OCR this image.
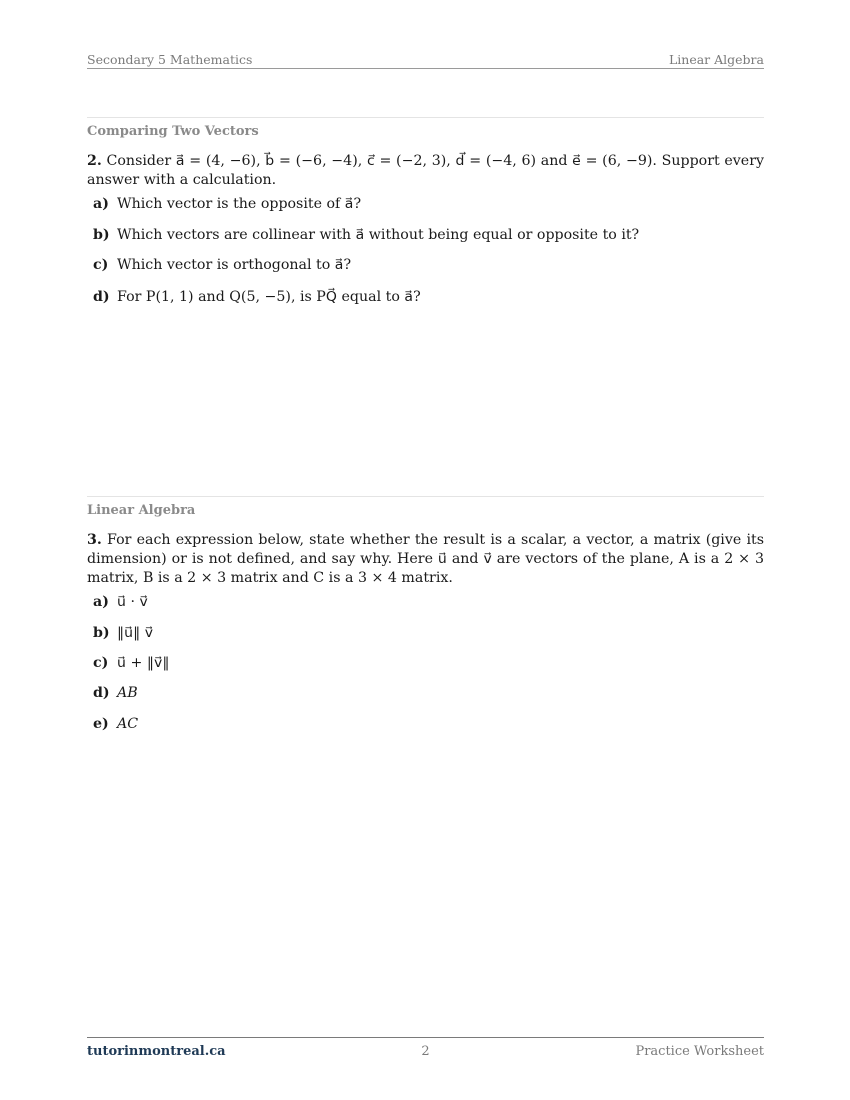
Secondary 5 Mathematics	Linear Algebra
Comparing Two Vectors
2. Consider a⃗ = (4, −6), b⃗ = (−6, −4), c⃗ = (−2, 3), d⃗ = (−4, 6) and e⃗ = (6, −9). Support every answer with a calculation.
a) Which vector is the opposite of a⃗?
b) Which vectors are collinear with a⃗ without being equal or opposite to it?
c) Which vector is orthogonal to a⃗?
d) For P(1, 1) and Q(5, −5), is PQ⃗ equal to a⃗?
Linear Algebra
3. For each expression below, state whether the result is a scalar, a vector, a matrix (give its dimension) or is not defined, and say why. Here u⃗ and v⃗ are vectors of the plane, A is a 2 × 3 matrix, B is a 2 × 3 matrix and C is a 3 × 4 matrix.
a) u⃗ · v⃗
b) ‖u⃗‖ v⃗
c) u⃗ + ‖v⃗‖
d) AB
e) AC
tutorinmontreal.ca	2	Practice Worksheet
